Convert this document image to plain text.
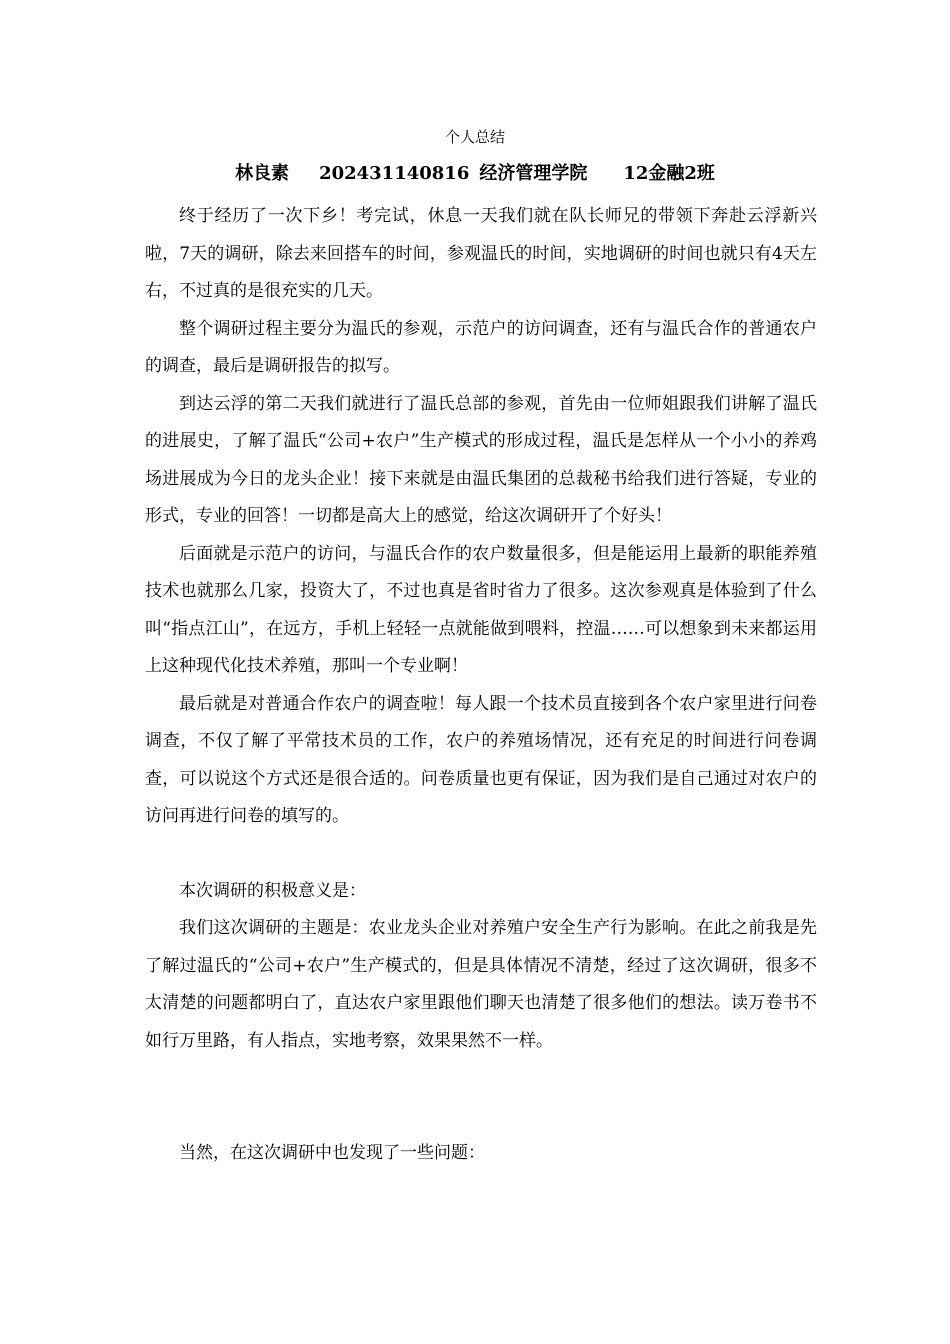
个人总结
林良素 202431140816 经济管理学院 12金融2班

终于经历了一次下乡！考完试，休息一天我们就在队长师兄的带领下奔赴云浮新兴啦，7天的调研，除去来回搭车的时间，参观温氏的时间，实地调研的时间也就只有4天左右，不过真的是很充实的几天。

整个调研过程主要分为温氏的参观，示范户的访问调查，还有与温氏合作的普通农户的调查，最后是调研报告的拟写。

到达云浮的第二天我们就进行了温氏总部的参观，首先由一位师姐跟我们讲解了温氏的进展史，了解了温氏“公司+农户”生产模式的形成过程，温氏是怎样从一个小小的养鸡场进展成为今日的龙头企业！接下来就是由温氏集团的总裁秘书给我们进行答疑，专业的形式，专业的回答！一切都是高大上的感觉，给这次调研开了个好头！

后面就是示范户的访问，与温氏合作的农户数量很多，但是能运用上最新的职能养殖技术也就那么几家，投资大了，不过也真是省时省力了很多。这次参观真是体验到了什么叫“指点江山”，在远方，手机上轻轻一点就能做到喂料，控温……可以想象到未来都运用上这种现代化技术养殖，那叫一个专业啊！

最后就是对普通合作农户的调查啦！每人跟一个技术员直接到各个农户家里进行问卷调查，不仅了解了平常技术员的工作，农户的养殖场情况，还有充足的时间进行问卷调查，可以说这个方式还是很合适的。问卷质量也更有保证，因为我们是自己通过对农户的访问再进行问卷的填写的。

本次调研的积极意义是：

我们这次调研的主题是：农业龙头企业对养殖户安全生产行为影响。在此之前我是先了解过温氏的“公司+农户”生产模式的，但是具体情况不清楚，经过了这次调研，很多不太清楚的问题都明白了，直达农户家里跟他们聊天也清楚了很多他们的想法。读万卷书不如行万里路，有人指点，实地考察，效果果然不一样。

当然，在这次调研中也发现了一些问题：
